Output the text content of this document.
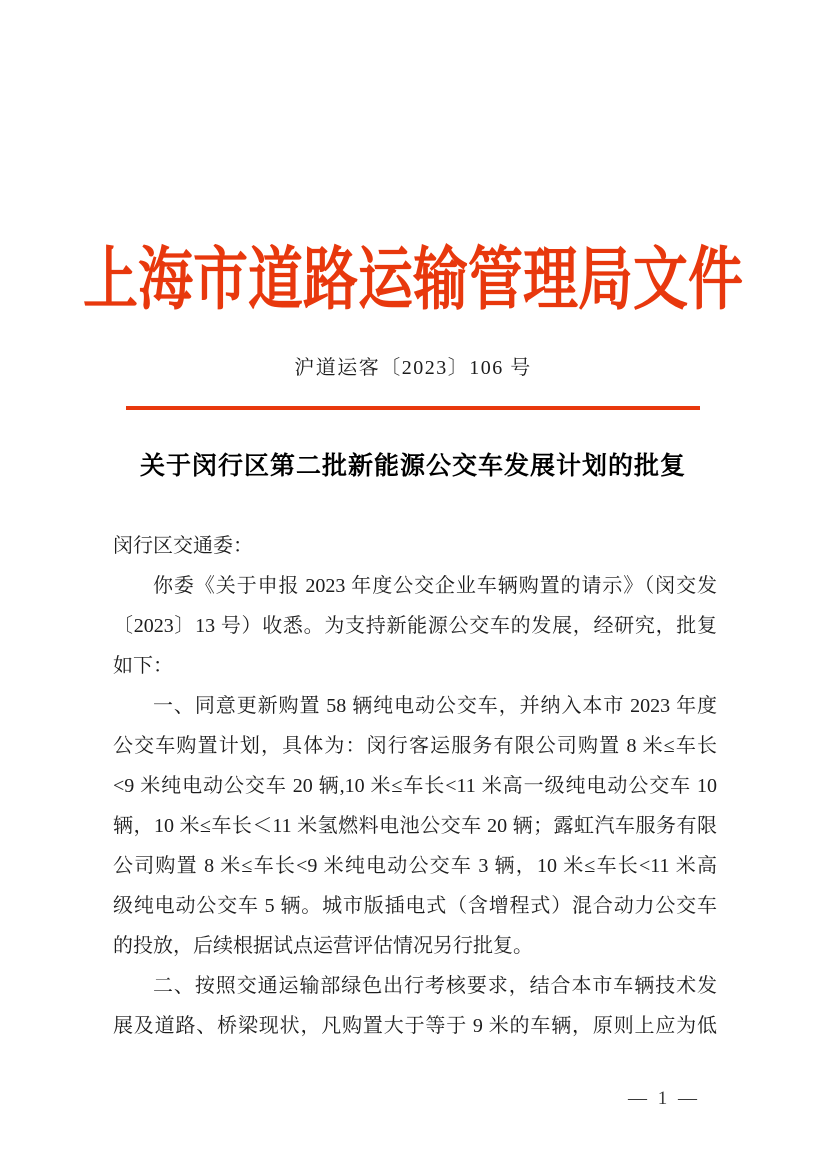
上海市道路运输管理局文件
沪道运客〔2023〕106 号
关于闵行区第二批新能源公交车发展计划的批复
闵行区交通委：
你委《关于申报 2023 年度公交企业车辆购置的请示》（闵交发
〔2023〕13 号）收悉。为支持新能源公交车的发展，经研究，批复
如下：
一、同意更新购置 58 辆纯电动公交车，并纳入本市 2023 年度
公交车购置计划，具体为：闵行客运服务有限公司购置 8 米≤车长
<9 米纯电动公交车 20 辆,10 米≤车长<11 米高一级纯电动公交车 10
辆，10 米≤车长＜11 米氢燃料电池公交车 20 辆；露虹汽车服务有限
公司购置 8 米≤车长<9 米纯电动公交车 3 辆，10 米≤车长<11 米高
级纯电动公交车 5 辆。城市版插电式（含增程式）混合动力公交车
的投放，后续根据试点运营评估情况另行批复。
二、按照交通运输部绿色出行考核要求，结合本市车辆技术发
展及道路、桥梁现状，凡购置大于等于 9 米的车辆，原则上应为低
— 1 —
